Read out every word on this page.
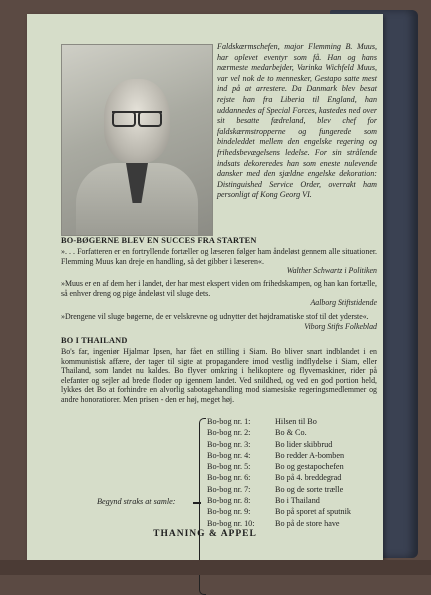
Faldskærmschefen, major Flemming B. Muus, har oplevet eventyr som få. Han og hans nærmeste medarbejder, Varinka Wichfeld Muus, var vel nok de to mennesker, Gestapo satte mest ind på at arrestere. Da Danmark blev besat rejste han fra Liberia til England, han uddannedes af Special Forces, kastedes ned over sit besatte fædreland, blev chef for faldskærmstropperne og fungerede som bindeleddet mellem den engelske regering og frihedsbevægelsens ledelse. For sin strålende indsats dekoreredes han som eneste nulevende dansker med den sjældne engelske dekoration: Distinguished Service Order, overrakt ham personligt af Kong Georg VI.
BO-BØGERNE BLEV EN SUCCES FRA STARTEN
». . . Forfatteren er en fortryllende fortæller og læseren følger ham åndeløst gennem alle situationer. Flemming Muus kan dreje en handling, så det gibber i læseren«.
Walther Schwartz i Politiken
»Muus er en af dem her i landet, der har mest ekspert viden om frihedskampen, og han kan fortælle, så enhver dreng og pige åndeløst vil sluge dets.
Aalborg Stiftstidende
»Drengene vil sluge bøgerne, de er velskrevne og udnytter det højdramatiske stof til det yderste«.
Viborg Stifts Folkeblad
BO I THAILAND
Bo's far, ingeniør Hjalmar Ipsen, har fået en stilling i Siam. Bo bliver snart indblandet i en kommunistisk affære, der tager til sigte at propagandere imod vestlig indflydelse i Siam, eller Thailand, som landet nu kaldes. Bo flyver omkring i helikoptere og flyvemaskiner, rider på elefanter og sejler ad brede floder op igennem landet. Ved snildhed, og ved en god portion held, lykkes det Bo at forhindre en alvorlig sabotagehandling mod siamesiske regeringsmedlemmer og andre honoratiorer. Men prisen - den er høj, meget høj.
Begynd straks at samle:
Bo-bog nr. 1:	Hilsen til Bo
Bo-bog nr. 2:	Bo & Co.
Bo-bog nr. 3:	Bo lider skibbrud
Bo-bog nr. 4:	Bo redder A-bomben
Bo-bog nr. 5:	Bo og gestapochefen
Bo-bog nr. 6:	Bo på 4. breddegrad
Bo-bog nr. 7:	Bo og de sorte trælle
Bo-bog nr. 8:	Bo i Thailand
Bo-bog nr. 9:	Bo på sporet af sputnik
Bo-bog nr. 10:	Bo på de store have
THANING & APPEL
